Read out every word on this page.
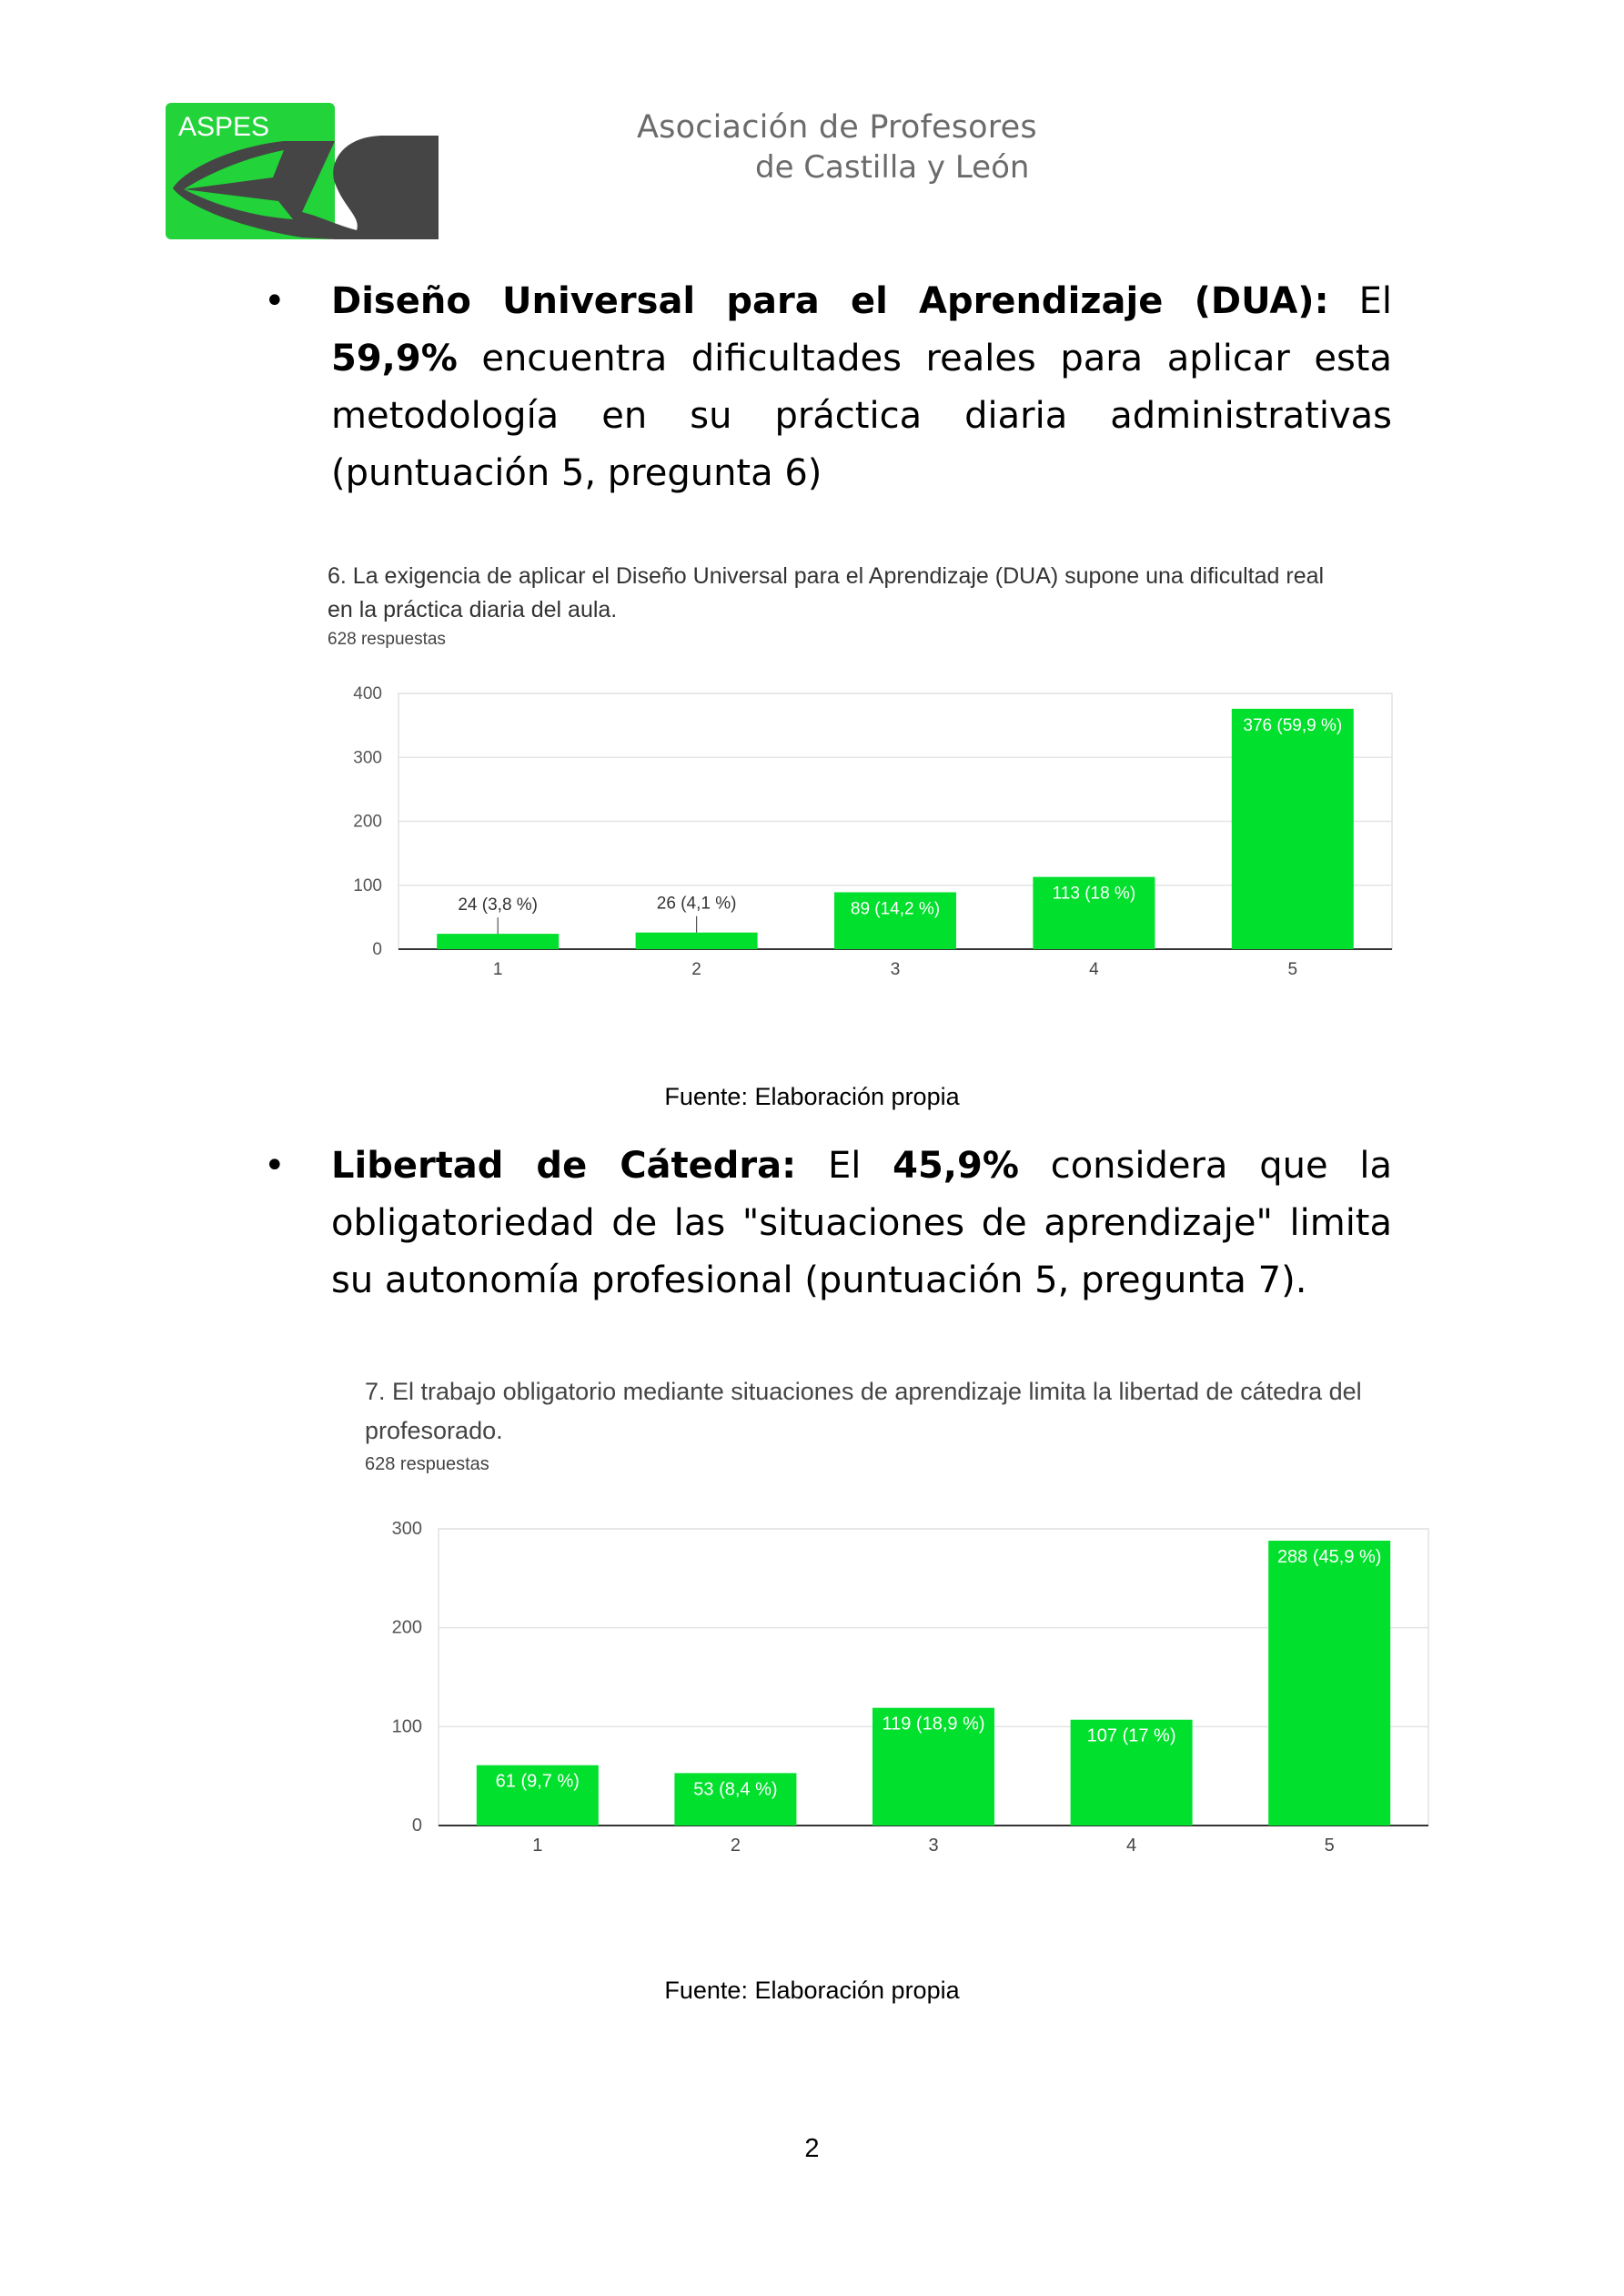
ASPES	Asociación de Profesores
de Castilla y León
• Diseño Universal para el Aprendizaje (DUA): El 59,9% encuentra dificultades reales para aplicar esta metodología en su práctica diaria administrativas (puntuación 5, pregunta 6)
6. La exigencia de aplicar el Diseño Universal para el Aprendizaje (DUA) supone una dificultad real
en la práctica diaria del aula.
628 respuestas
0
100
200
300
400
1
24 (3,8 %)
2
26 (4,1 %)
3
89 (14,2 %)
4
113 (18 %)
5
376 (59,9 %)
Fuente: Elaboración propia
• Libertad de Cátedra: El 45,9% considera que la obligatoriedad de las "situaciones de aprendizaje" limita su autonomía profesional (puntuación 5, pregunta 7).
7. El trabajo obligatorio mediante situaciones de aprendizaje limita la libertad de cátedra del
profesorado.
628 respuestas
0
100
200
300
1
61 (9,7 %)
2
53 (8,4 %)
3
119 (18,9 %)
4
107 (17 %)
5
288 (45,9 %)
Fuente: Elaboración propia
2
